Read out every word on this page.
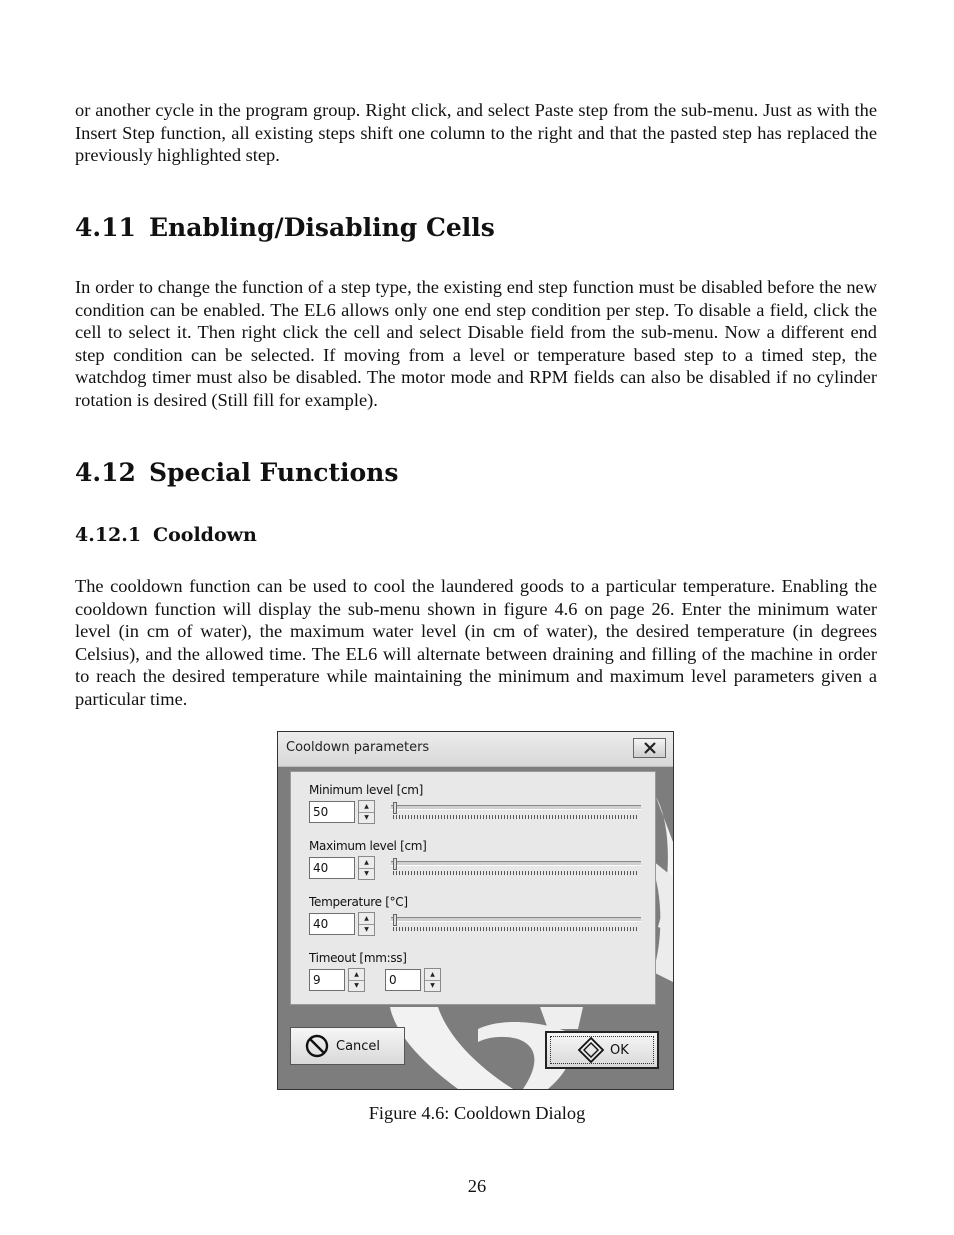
or another cycle in the program group. Right click, and select Paste step from the sub-menu. Just as with the Insert Step function, all existing steps shift one column to the right and that the pasted step has replaced the previously highlighted step.

4.11 Enabling/Disabling Cells

In order to change the function of a step type, the existing end step function must be disabled before the new condition can be enabled. The EL6 allows only one end step condition per step. To disable a field, click the cell to select it. Then right click the cell and select Disable field from the sub-menu. Now a different end step condition can be selected. If moving from a level or temperature based step to a timed step, the watchdog timer must also be disabled. The motor mode and RPM fields can also be disabled if no cylinder rotation is desired (Still fill for example).

4.12 Special Functions
4.12.1 Cooldown

The cooldown function can be used to cool the laundered goods to a particular temperature. Enabling the cooldown function will display the sub-menu shown in figure 4.6 on page 26. Enter the minimum water level (in cm of water), the maximum water level (in cm of water), the desired temperature (in degrees Celsius), and the allowed time. The EL6 will alternate between draining and filling of the machine in order to reach the desired temperature while maintaining the minimum and maximum level parameters given a particular time.

Cooldown parameters
Minimum level [cm]
50	▲
▼
Maximum level [cm]
40	▲
▼
Temperature [°C]
40	▲
▼
Timeout [mm:ss]
9	▲
▼	0	▲
▼
Cancel	OK
Figure 4.6: Cooldown Dialog
26
